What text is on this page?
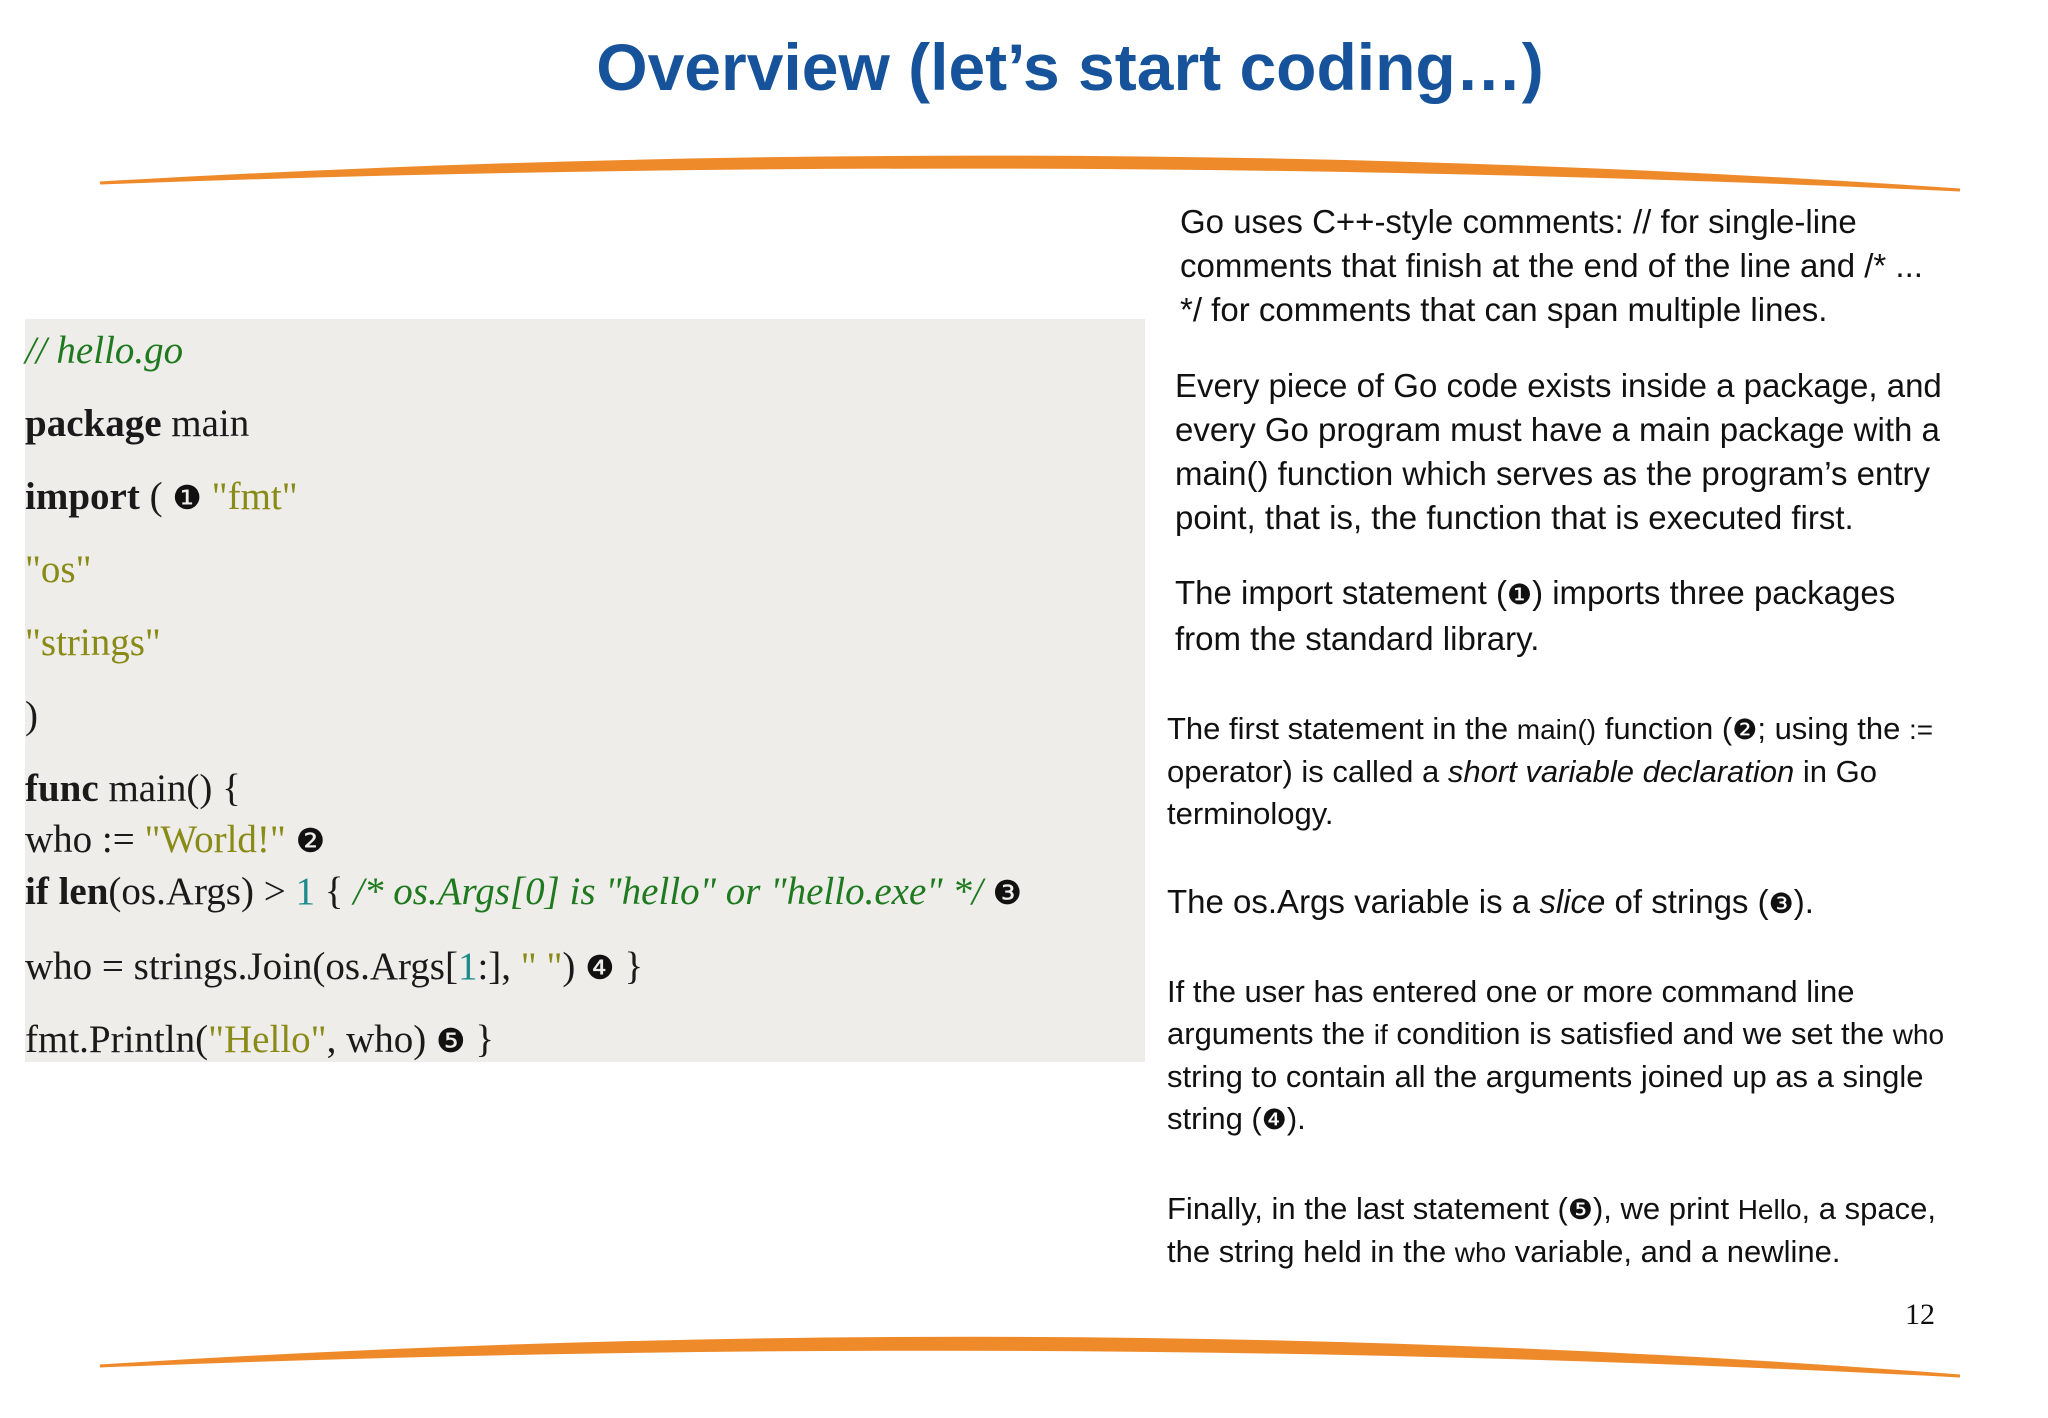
Overview (let’s start coding…)
// hello.go
package main
import ( ❶ "fmt"
"os"
"strings"
)
func main() {
who := "World!" ❷
if len(os.Args) > 1 { /* os.Args[0] is "hello" or "hello.exe" */ ❸
who = strings.Join(os.Args[1:], " ") ❹ }
fmt.Println("Hello", who) ❺ }
Go uses C++-style comments: // for single-line
comments that finish at the end of the line and /* ...
*/ for comments that can span multiple lines.
Every piece of Go code exists inside a package, and
every Go program must have a main package with a
main() function which serves as the program’s entry
point, that is, the function that is executed first.
The import statement (❶) imports three packages
from the standard library.
The first statement in the main() function (❷; using the :=
operator) is called a short variable declaration in Go
terminology.
The os.Args variable is a slice of strings (❸).
If the user has entered one or more command line
arguments the if condition is satisfied and we set the who
string to contain all the arguments joined up as a single
string (❹).
Finally, in the last statement (❺), we print Hello, a space,
the string held in the who variable, and a newline.
12
